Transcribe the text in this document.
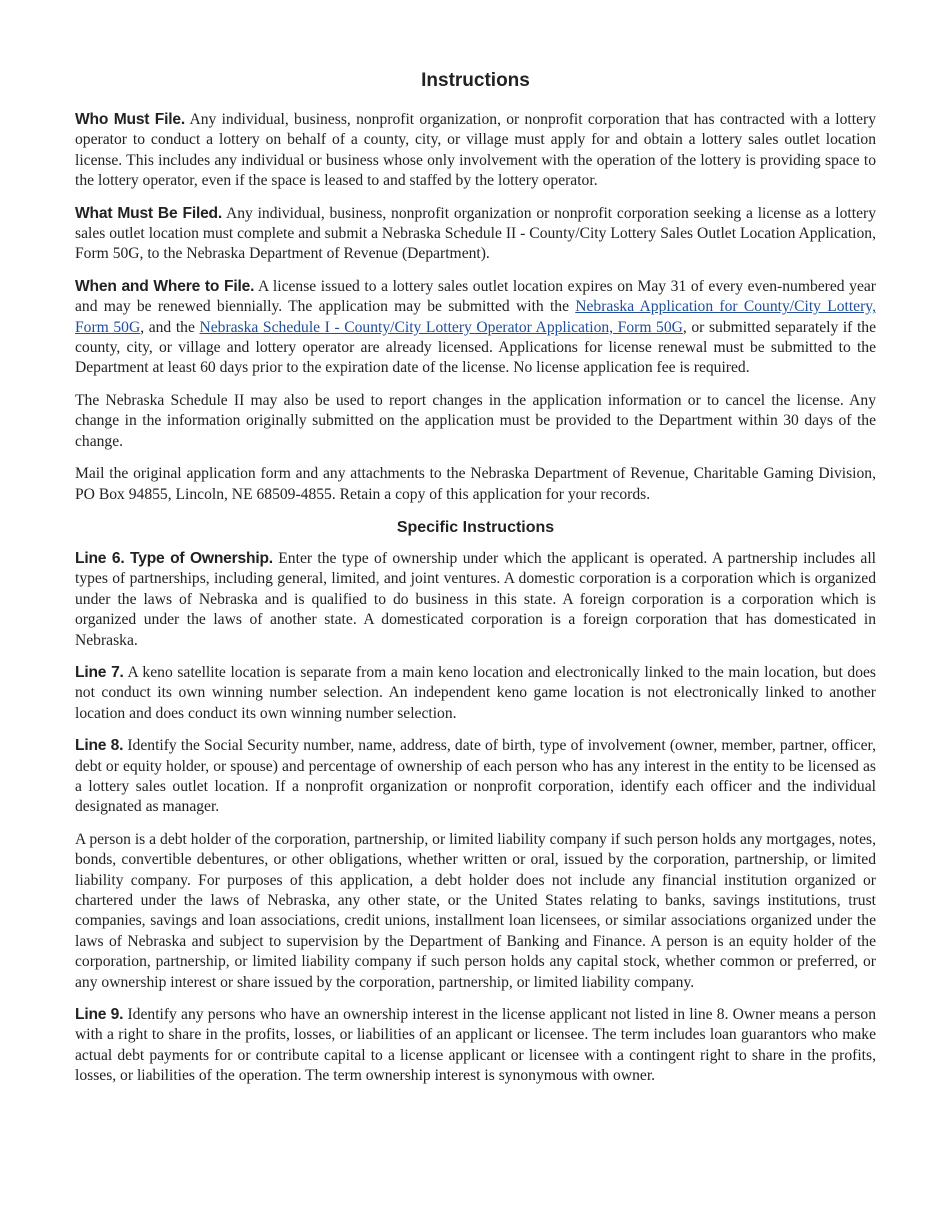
Instructions

Who Must File. Any individual, business, nonprofit organization, or nonprofit corporation that has contracted with a lottery operator to conduct a lottery on behalf of a county, city, or village must apply for and obtain a lottery sales outlet location license. This includes any individual or business whose only involvement with the operation of the lottery is providing space to the lottery operator, even if the space is leased to and staffed by the lottery operator.

What Must Be Filed. Any individual, business, nonprofit organization or nonprofit corporation seeking a license as a lottery sales outlet location must complete and submit a Nebraska Schedule II - County/City Lottery Sales Outlet Location Application, Form 50G, to the Nebraska Department of Revenue (Department).

When and Where to File. A license issued to a lottery sales outlet location expires on May 31 of every even-numbered year and may be renewed biennially. The application may be submitted with the Nebraska Application for County/City Lottery, Form 50G, and the Nebraska Schedule I - County/City Lottery Operator Application, Form 50G, or submitted separately if the county, city, or village and lottery operator are already licensed. Applications for license renewal must be submitted to the Department at least 60 days prior to the expiration date of the license. No license application fee is required.

The Nebraska Schedule II may also be used to report changes in the application information or to cancel the license. Any change in the information originally submitted on the application must be provided to the Department within 30 days of the change.

Mail the original application form and any attachments to the Nebraska Department of Revenue, Charitable Gaming Division, PO Box 94855, Lincoln, NE 68509-4855. Retain a copy of this application for your records.

Specific Instructions

Line 6. Type of Ownership. Enter the type of ownership under which the applicant is operated. A partnership includes all types of partnerships, including general, limited, and joint ventures. A domestic corporation is a corporation which is organized under the laws of Nebraska and is qualified to do business in this state. A foreign corporation is a corporation which is organized under the laws of another state. A domesticated corporation is a foreign corporation that has domesticated in Nebraska.

Line 7. A keno satellite location is separate from a main keno location and electronically linked to the main location, but does not conduct its own winning number selection. An independent keno game location is not electronically linked to another location and does conduct its own winning number selection.

Line 8. Identify the Social Security number, name, address, date of birth, type of involvement (owner, member, partner, officer, debt or equity holder, or spouse) and percentage of ownership of each person who has any interest in the entity to be licensed as a lottery sales outlet location. If a nonprofit organization or nonprofit corporation, identify each officer and the individual designated as manager.

A person is a debt holder of the corporation, partnership, or limited liability company if such person holds any mortgages, notes, bonds, convertible debentures, or other obligations, whether written or oral, issued by the corporation, partnership, or limited liability company. For purposes of this application, a debt holder does not include any financial institution organized or chartered under the laws of Nebraska, any other state, or the United States relating to banks, savings institutions, trust companies, savings and loan associations, credit unions, installment loan licensees, or similar associations organized under the laws of Nebraska and subject to supervision by the Department of Banking and Finance. A person is an equity holder of the corporation, partnership, or limited liability company if such person holds any capital stock, whether common or preferred, or any ownership interest or share issued by the corporation, partnership, or limited liability company.

Line 9. Identify any persons who have an ownership interest in the license applicant not listed in line 8. Owner means a person with a right to share in the profits, losses, or liabilities of an applicant or licensee. The term includes loan guarantors who make actual debt payments for or contribute capital to a license applicant or licensee with a contingent right to share in the profits, losses, or liabilities of the operation. The term ownership interest is synonymous with owner.
